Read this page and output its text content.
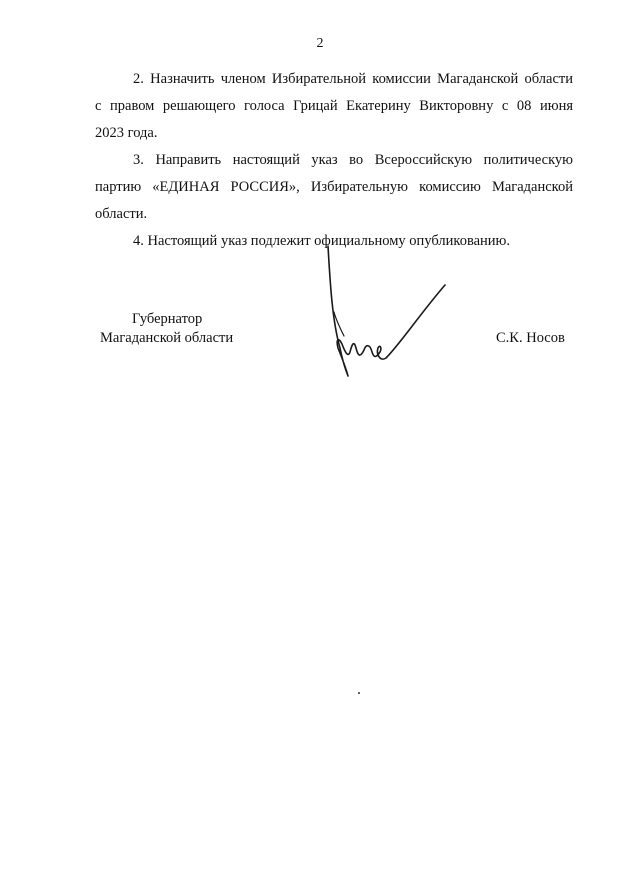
2

2. Назначить членом Избирательной комиссии Магаданской области
с правом решающего голоса Грицай Екатерину Викторовну с 08 июня
2023 года.

3. Направить настоящий указ во Всероссийскую политическую
партию «ЕДИНАЯ РОССИЯ», Избирательную комиссию Магаданской
области.

4. Настоящий указ подлежит официальному опубликованию.

Губернатор
Магаданской области	С.К. Носов
